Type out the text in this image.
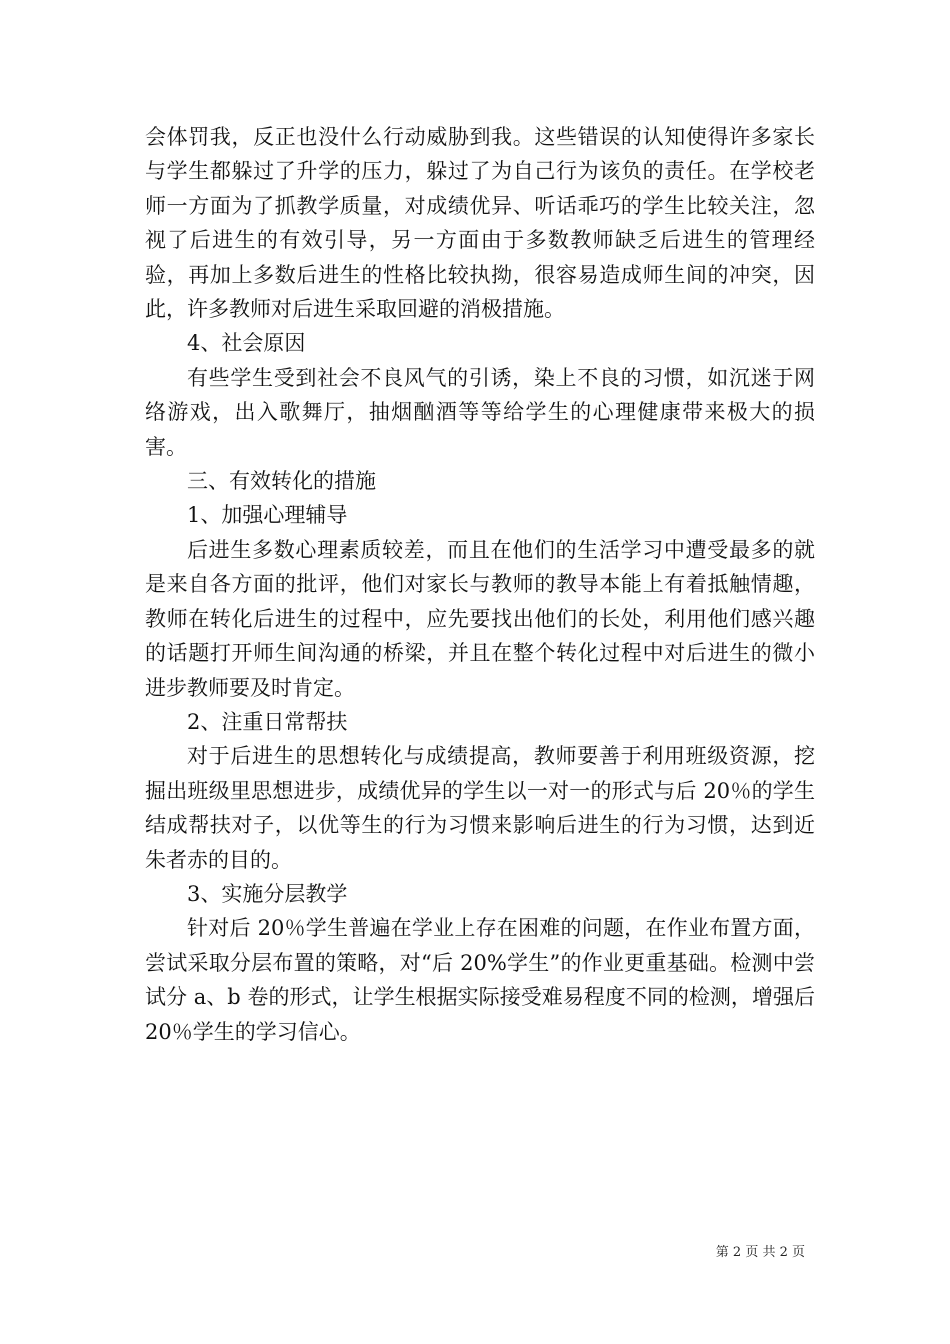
会体罚我，反正也没什么行动威胁到我。这些错误的认知使得许多家长与学生都躲过了升学的压力，躲过了为自己行为该负的责任。在学校老师一方面为了抓教学质量，对成绩优异、听话乖巧的学生比较关注，忽视了后进生的有效引导，另一方面由于多数教师缺乏后进生的管理经验，再加上多数后进生的性格比较执拗，很容易造成师生间的冲突，因此，许多教师对后进生采取回避的消极措施。

4、社会原因

有些学生受到社会不良风气的引诱，染上不良的习惯，如沉迷于网络游戏，出入歌舞厅，抽烟酗酒等等给学生的心理健康带来极大的损害。

三、有效转化的措施

1、加强心理辅导

后进生多数心理素质较差，而且在他们的生活学习中遭受最多的就是来自各方面的批评，他们对家长与教师的教导本能上有着抵触情趣，教师在转化后进生的过程中，应先要找出他们的长处，利用他们感兴趣的话题打开师生间沟通的桥梁，并且在整个转化过程中对后进生的微小进步教师要及时肯定。

2、注重日常帮扶

对于后进生的思想转化与成绩提高，教师要善于利用班级资源，挖掘出班级里思想进步，成绩优异的学生以一对一的形式与后 20％的学生结成帮扶对子，以优等生的行为习惯来影响后进生的行为习惯，达到近朱者赤的目的。

3、实施分层教学

针对后 20％学生普遍在学业上存在困难的问题，在作业布置方面，尝试采取分层布置的策略，对“后 20%学生”的作业更重基础。检测中尝试分 a、b 卷的形式，让学生根据实际接受难易程度不同的检测，增强后 20％学生的学习信心。

第 2 页 共 2 页
